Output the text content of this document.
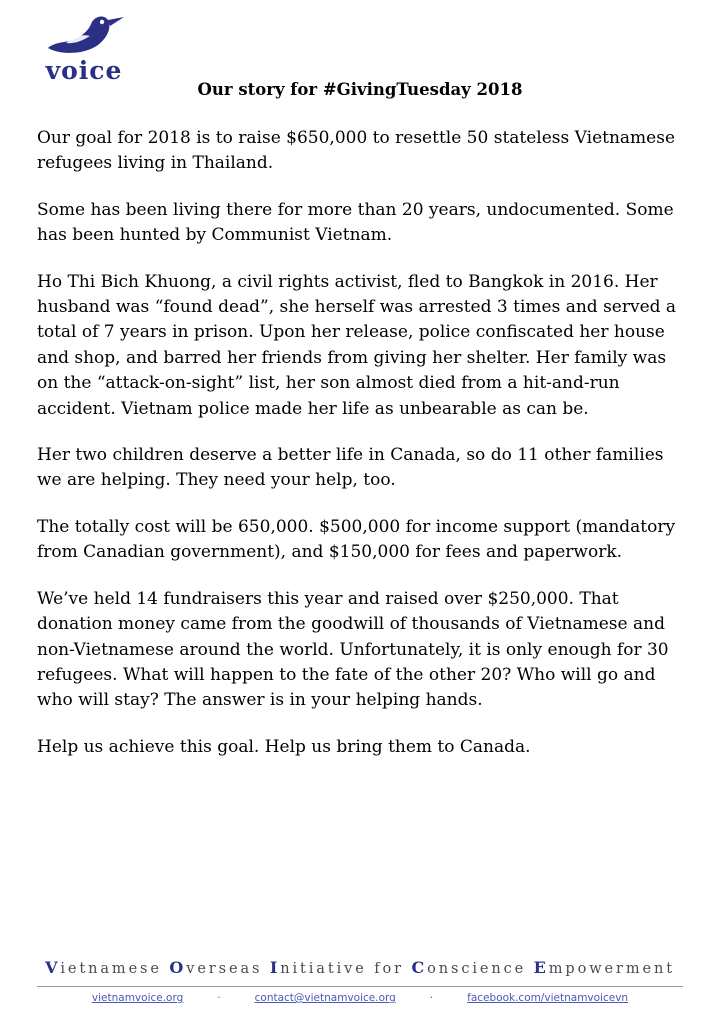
voice
Our story for #GivingTuesday 2018

Our goal for 2018 is to raise $650,000 to resettle 50 stateless Vietnamese refugees living in Thailand.

Some has been living there for more than 20 years, undocumented. Some has been hunted by Communist Vietnam.

Ho Thi Bich Khuong, a civil rights activist, fled to Bangkok in 2016. Her husband was “found dead”, she herself was arrested 3 times and served a total of 7 years in prison. Upon her release, police confiscated her house and shop, and barred her friends from giving her shelter. Her family was on the “attack-on-sight” list, her son almost died from a hit-and-run accident. Vietnam police made her life as unbearable as can be.

Her two children deserve a better life in Canada, so do 11 other families we are helping. They need your help, too.

The totally cost will be 650,000. $500,000 for income support (mandatory from Canadian government), and $150,000 for fees and paperwork.

We’ve held 14 fundraisers this year and raised over $250,000. That donation money came from the goodwill of thousands of Vietnamese and non-Vietnamese around the world. Unfortunately, it is only enough for 30 refugees. What will happen to the fate of the other 20? Who will go and who will stay? The answer is in your helping hands.

Help us achieve this goal. Help us bring them to Canada.

Vietnamese Overseas Initiative for Conscience Empowerment
vietnamvoice.org	·	contact@vietnamvoice.org	·	facebook.com/vietnamvoicevn
